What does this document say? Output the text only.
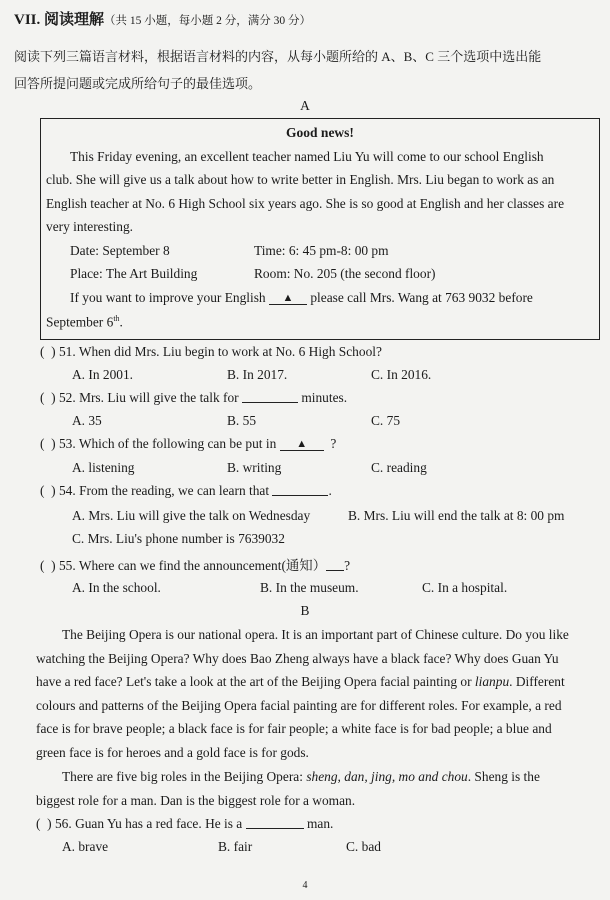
VII. 阅读理解（共 15 小题，每小题 2 分，满分 30 分）
阅读下列三篇语言材料，根据语言材料的内容，从每小题所给的 A、B、C 三个选项中选出能
回答所提问题或完成所给句子的最佳选项。
A
Good news!
This Friday evening, an excellent teacher named Liu Yu will come to our school English
club. She will give us a talk about how to write better in English. Mrs. Liu began to work as an
English teacher at No. 6 High School six years ago. She is so good at English and her classes are
very interesting.
Date: September 8	Time: 6: 45 pm-8: 00 pm
Place: The Art Building	Room: No. 205 (the second floor)
If you want to improve your English ▲ please call Mrs. Wang at 763 9032 before
September 6th.
( ) 51. When did Mrs. Liu begin to work at No. 6 High School?
A. In 2001.	B. In 2017.	C. In 2016.
( ) 52. Mrs. Liu will give the talk for	minutes.
A. 35	B. 55	C. 75
( ) 53. Which of the following can be put in ▲ ?
A. listening	B. writing	C. reading
( ) 54. From the reading, we can learn that	.
A. Mrs. Liu will give the talk on Wednesday	B. Mrs. Liu will end the talk at 8: 00 pm
C. Mrs. Liu's phone number is 7639032
( ) 55. Where can we find the announcement(通知） ?
A. In the school.	B. In the museum.	C. In a hospital.
B
The Beijing Opera is our national opera. It is an important part of Chinese culture. Do you like
watching the Beijing Opera? Why does Bao Zheng always have a black face? Why does Guan Yu
have a red face? Let's take a look at the art of the Beijing Opera facial painting or lianpu. Different
colours and patterns of the Beijing Opera facial painting are for different roles. For example, a red
face is for brave people; a black face is for fair people; a white face is for bad people; a blue and
green face is for heroes and a gold face is for gods.
There are five big roles in the Beijing Opera: sheng, dan, jing, mo and chou. Sheng is the
biggest role for a man. Dan is the biggest role for a woman.
( ) 56. Guan Yu has a red face. He is a	man.
A. brave	B. fair	C. bad
4
